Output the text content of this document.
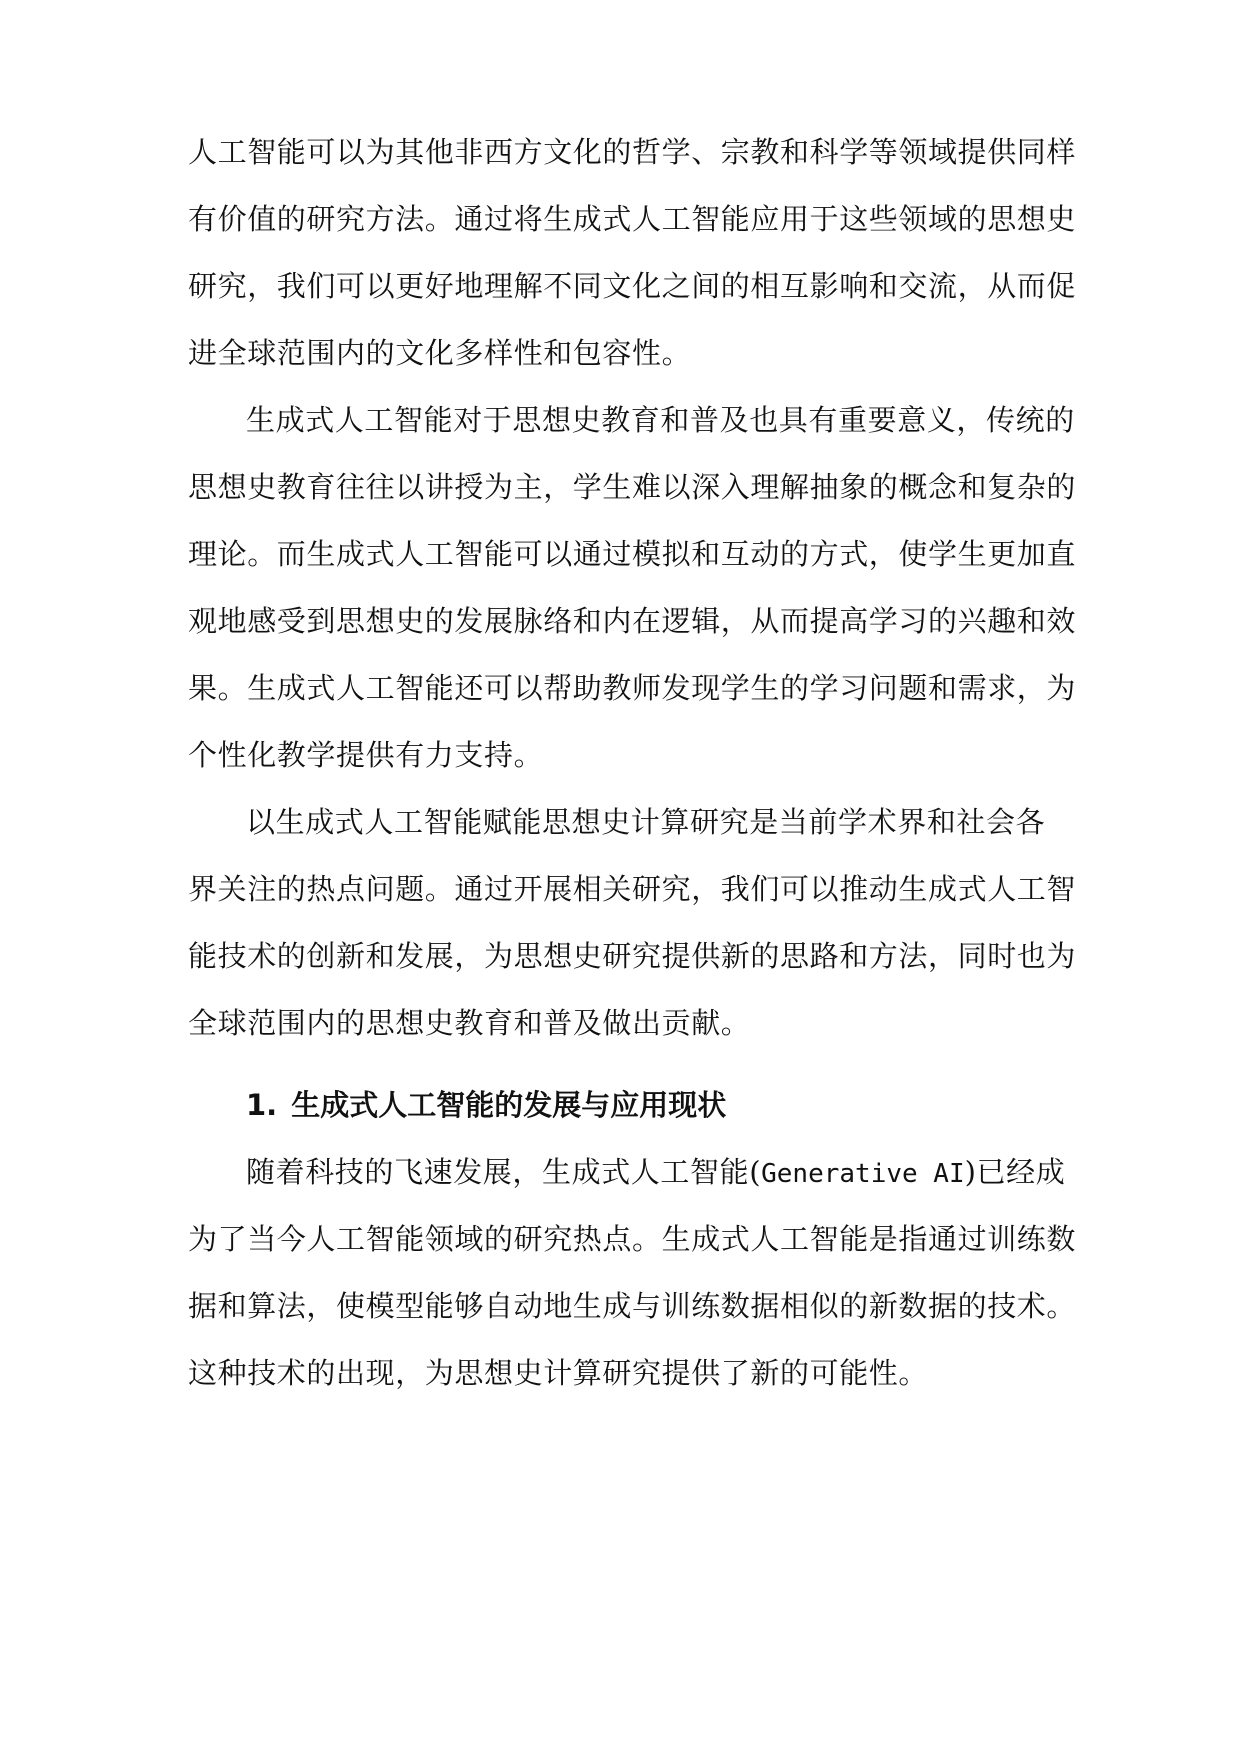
人工智能可以为其他非西方文化的哲学、宗教和科学等领域提供同样

有价值的研究方法。通过将生成式人工智能应用于这些领域的思想史

研究，我们可以更好地理解不同文化之间的相互影响和交流，从而促

进全球范围内的文化多样性和包容性。

生成式人工智能对于思想史教育和普及也具有重要意义，传统的

思想史教育往往以讲授为主，学生难以深入理解抽象的概念和复杂的

理论。而生成式人工智能可以通过模拟和互动的方式，使学生更加直

观地感受到思想史的发展脉络和内在逻辑，从而提高学习的兴趣和效

果。生成式人工智能还可以帮助教师发现学生的学习问题和需求，为

个性化教学提供有力支持。

以生成式人工智能赋能思想史计算研究是当前学术界和社会各

界关注的热点问题。通过开展相关研究，我们可以推动生成式人工智

能技术的创新和发展，为思想史研究提供新的思路和方法，同时也为

全球范围内的思想史教育和普及做出贡献。

1. 生成式人工智能的发展与应用现状

随着科技的飞速发展，生成式人工智能(Generative AI)已经成

为了当今人工智能领域的研究热点。生成式人工智能是指通过训练数

据和算法，使模型能够自动地生成与训练数据相似的新数据的技术。

这种技术的出现，为思想史计算研究提供了新的可能性。
